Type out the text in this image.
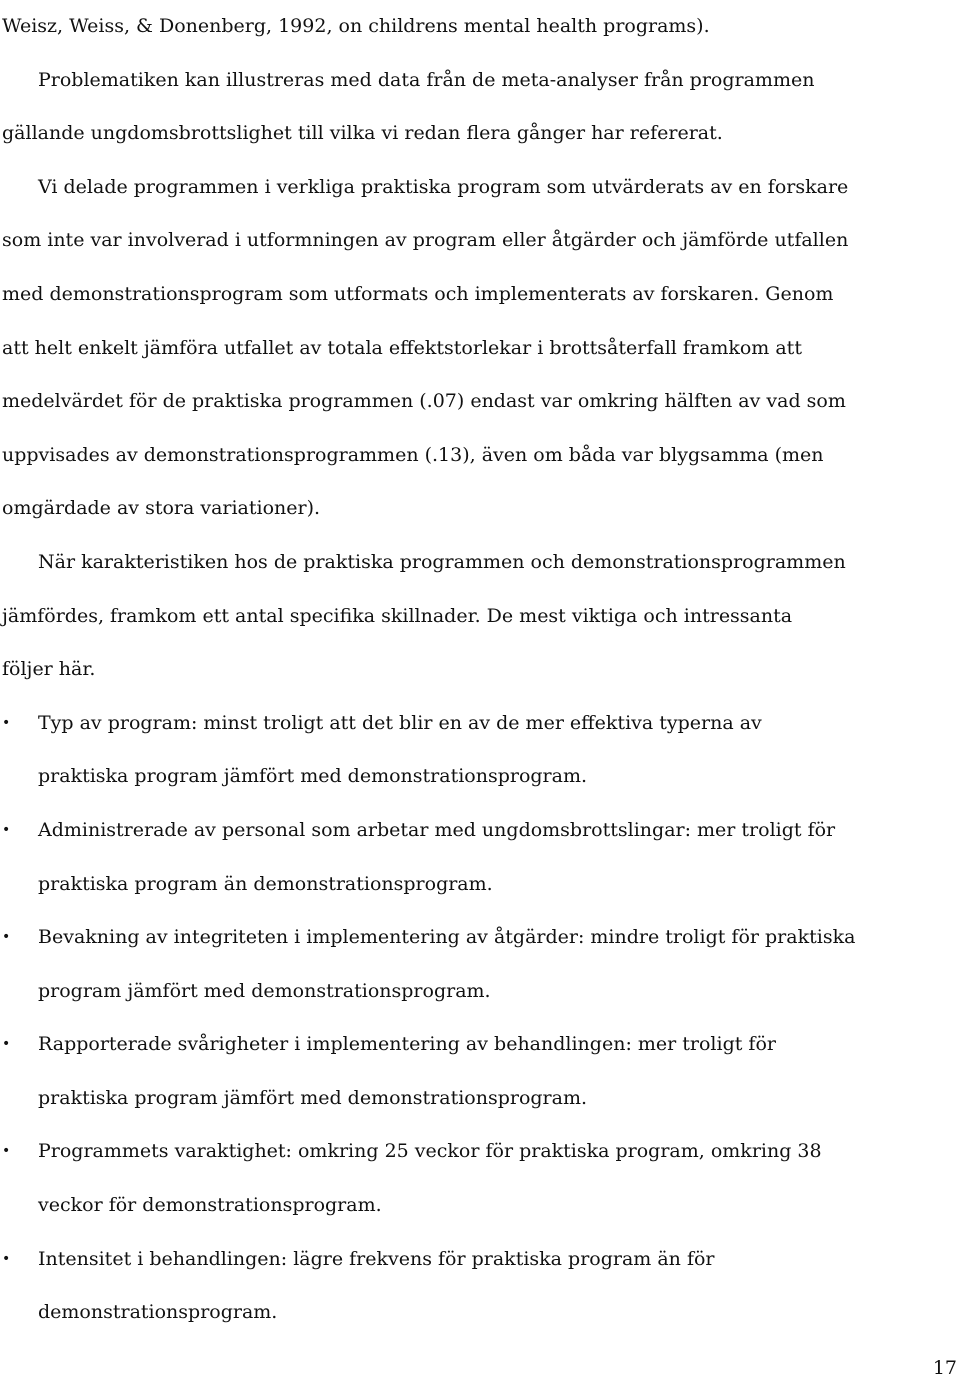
Weisz, Weiss, & Donenberg, 1992, on childrens mental health programs).
Problematiken kan illustreras med data från de meta-analyser från programmen
gällande ungdomsbrottslighet till vilka vi redan flera gånger har refererat.
Vi delade programmen i verkliga praktiska program som utvärderats av en forskare
som inte var involverad i utformningen av program eller åtgärder och jämförde utfallen
med demonstrationsprogram som utformats och implementerats av forskaren. Genom
att helt enkelt jämföra utfallet av totala effektstorlekar i brottsåterfall framkom att
medelvärdet för de praktiska programmen (.07) endast var omkring hälften av vad som
uppvisades av demonstrationsprogrammen (.13), även om båda var blygsamma (men
omgärdade av stora variationer).
När karakteristiken hos de praktiska programmen och demonstrationsprogrammen
jämfördes, framkom ett antal specifika skillnader. De mest viktiga och intressanta
följer här.
•	Typ av program: minst troligt att det blir en av de mer effektiva typerna av
praktiska program jämfört med demonstrationsprogram.
•	Administrerade av personal som arbetar med ungdomsbrottslingar: mer troligt för
praktiska program än demonstrationsprogram.
•	Bevakning av integriteten i implementering av åtgärder: mindre troligt för praktiska
program jämfört med demonstrationsprogram.
•	Rapporterade svårigheter i implementering av behandlingen: mer troligt för
praktiska program jämfört med demonstrationsprogram.
•	Programmets varaktighet: omkring 25 veckor för praktiska program, omkring 38
veckor för demonstrationsprogram.
•	Intensitet i behandlingen: lägre frekvens för praktiska program än för
demonstrationsprogram.
17
